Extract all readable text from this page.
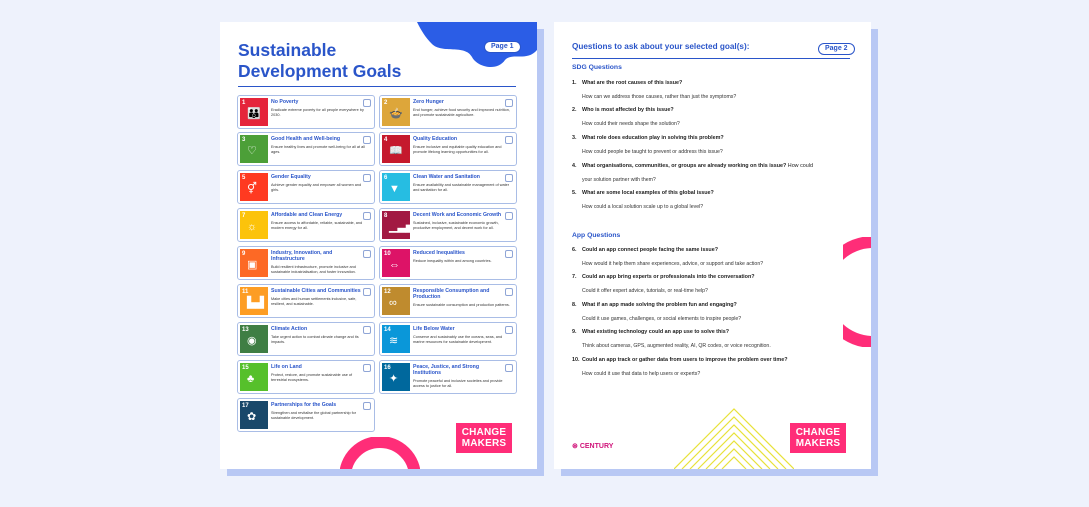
Page 1
Sustainable
Development Goals
1
👪
No Poverty
Eradicate extreme poverty for all people everywhere by 2030.
2
🍲
Zero Hunger
End hunger, achieve food security and improved nutrition, and promote sustainable agriculture.
3
♡
Good Health and Well-being
Ensure healthy lives and promote well-being for all at all ages.
4
📖
Quality Education
Ensure inclusive and equitable quality education and promote lifelong learning opportunities for all.
5
⚥
Gender Equality
Achieve gender equality and empower all women and girls.
6
▼
Clean Water and Sanitation
Ensure availability and sustainable management of water and sanitation for all.
7
☼
Affordable and Clean Energy
Ensure access to affordable, reliable, sustainable, and modern energy for all.
8
▁▃▅
Decent Work and Economic Growth
Sustained, inclusive, sustainable economic growth, productive employment, and decent work for all.
9
▣
Industry, Innovation, and Infrastructure
Build resilient infrastructure, promote inclusive and sustainable industrialisation, and foster innovation.
10
⇔
Reduced Inequalities
Reduce inequality within and among countries.
11
▙▟
Sustainable Cities and Communities
Make cities and human settlements inclusive, safe, resilient, and sustainable.
12
∞
Responsible Consumption and Production
Ensure sustainable consumption and production patterns.
13
◉
Climate Action
Take urgent action to combat climate change and its impacts.
14
≋
Life Below Water
Conserve and sustainably use the oceans, seas, and marine resources for sustainable development.
15
♣
Life on Land
Protect, restore, and promote sustainable use of terrestrial ecosystems.
16
✦
Peace, Justice, and Strong Institutions
Promote peaceful and inclusive societies and provide access to justice for all.
17
✿
Partnerships for the Goals
Strengthen and revitalise the global partnership for sustainable development.
CHANGE
MAKERS
Questions to ask about your selected goal(s):	Page 2
SDG Questions
1. What are the root causes of this issue?
How can we address those causes, rather than just the symptoms?
2. Who is most affected by this issue?
How could their needs shape the solution?
3. What role does education play in solving this problem?
How could people be taught to prevent or address this issue?
4. What organisations, communities, or groups are already working on this issue? How could
your solution partner with them?
5. What are some local examples of this global issue?
How could a local solution scale up to a global level?
App Questions
6. Could an app connect people facing the same issue?
How would it help them share experiences, advice, or support and take action?
7. Could an app bring experts or professionals into the conversation?
Could it offer expert advice, tutorials, or real-time help?
8. What if an app made solving the problem fun and engaging?
Could it use games, challenges, or social elements to inspire people?
9. What existing technology could an app use to solve this?
Think about cameras, GPS, augmented reality, AI, QR codes, or voice recognition.
10. Could an app track or gather data from users to improve the problem over time?
How could it use that data to help users or experts?
⊛ CENTURY
CHANGE
MAKERS
